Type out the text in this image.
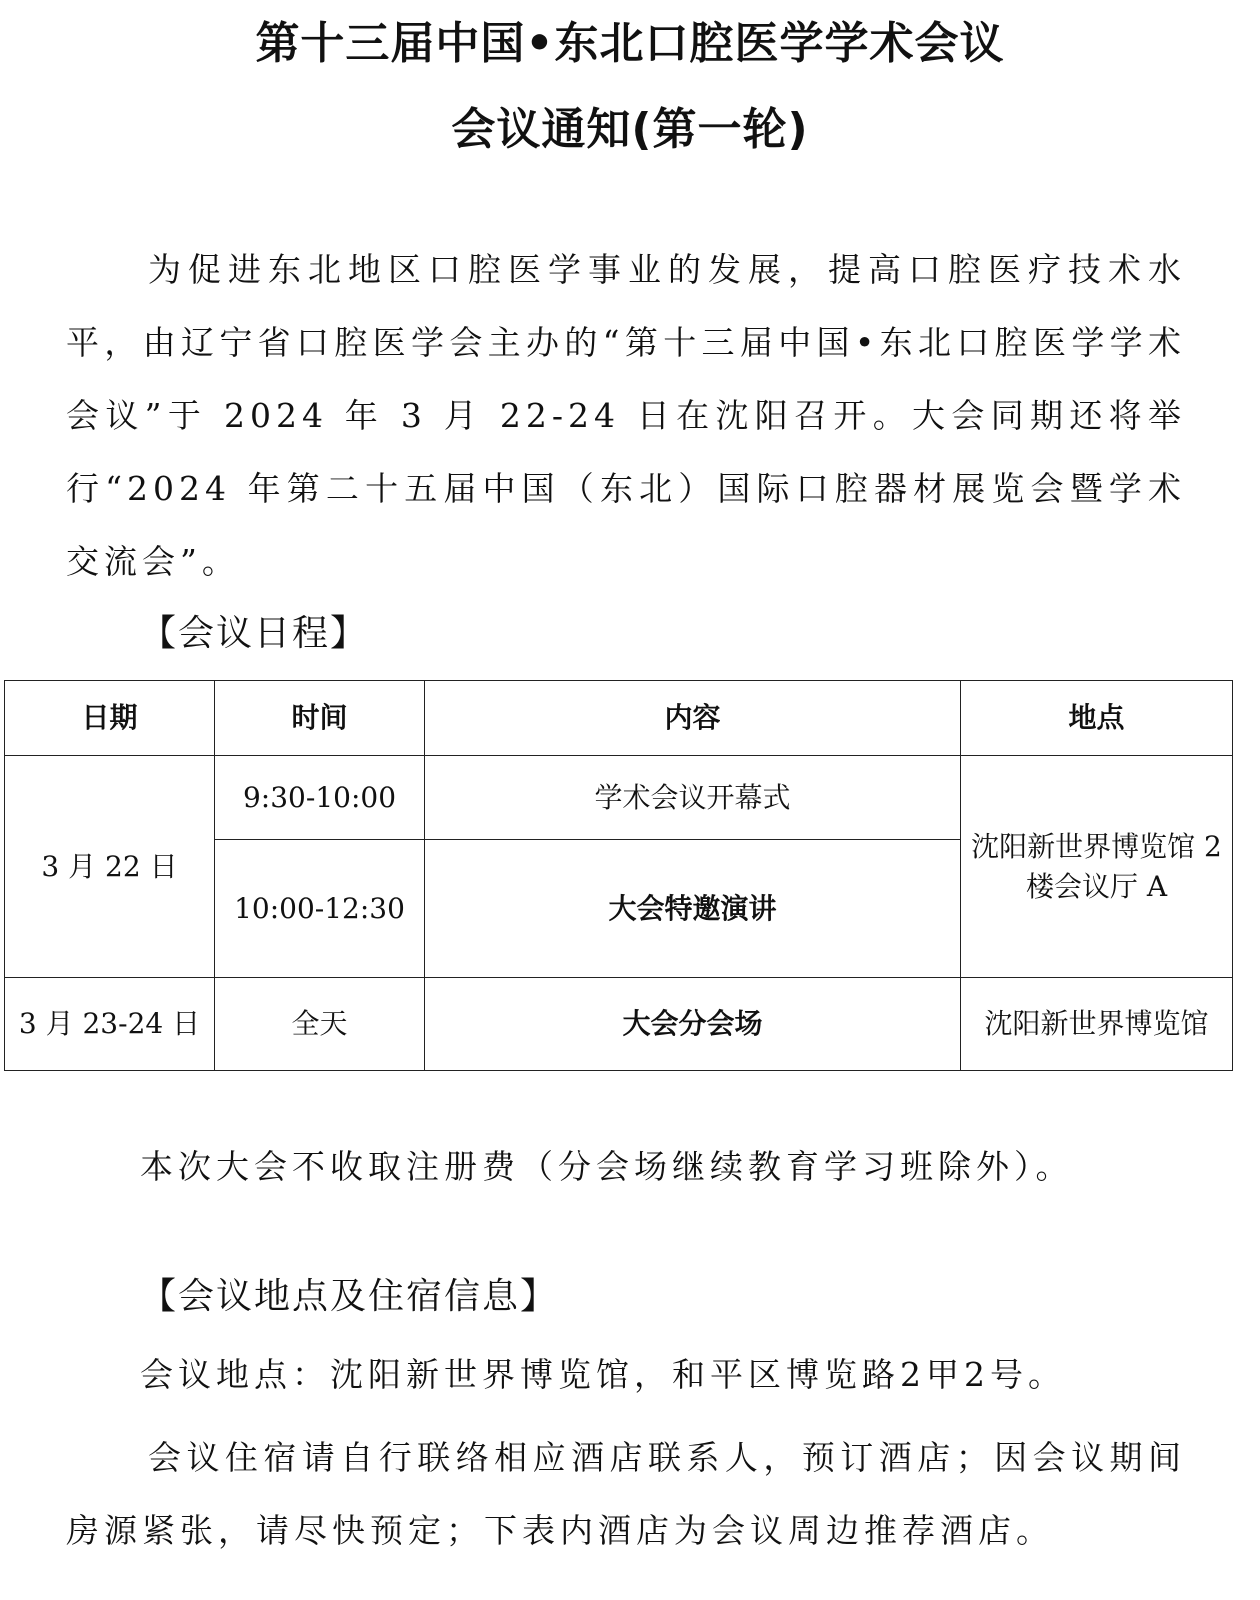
第十三届中国•东北口腔医学学术会议
会议通知(第一轮)

为促进东北地区口腔医学事业的发展，提高口腔医疗技术水平，由辽宁省口腔医学会主办的“第十三届中国•东北口腔医学学术会议”于 2024 年 3 月 22-24 日在沈阳召开。大会同期还将举行“2024 年第二十五届中国（东北）国际口腔器材展览会暨学术交流会”。

【会议日程】
日期	时间	内容	地点
3 月 22 日	9:30-10:00	学术会议开幕式	沈阳新世界博览馆 2 楼会议厅 A
	10:00-12:30	大会特邀演讲	
3 月 23-24 日	全天	大会分会场	沈阳新世界博览馆
本次大会不收取注册费（分会场继续教育学习班除外）。
【会议地点及住宿信息】
会议地点：沈阳新世界博览馆，和平区博览路2甲2号。

会议住宿请自行联络相应酒店联系人，预订酒店；因会议期间房源紧张，请尽快预定；下表内酒店为会议周边推荐酒店。
